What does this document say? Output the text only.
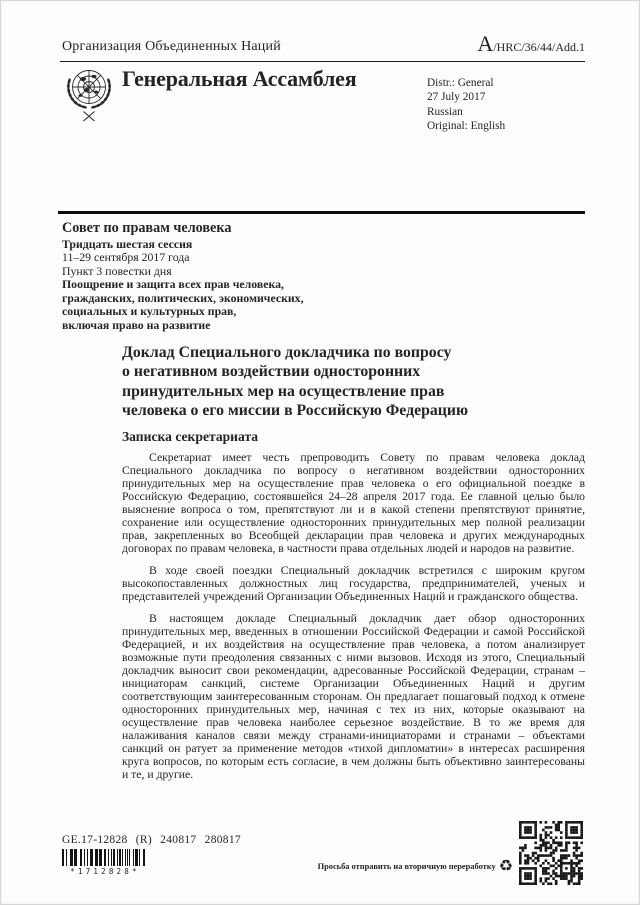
Организация Объединенных Наций	A/HRC/36/44/Add.1
Генеральная Ассамблея	Distr.: General
27 July 2017
Russian
Original: English
Совет по правам человека
Тридцать шестая сессия
11–29 сентября 2017 года
Пункт 3 повестки дня
Поощрение и защита всех прав человека,
гражданских, политических, экономических,
социальных и культурных прав,
включая право на развитие
Доклад Специального докладчика по вопросу
о негативном воздействии односторонних
принудительных мер на осуществление прав
человека о его миссии в Российскую Федерацию
Записка секретариата

Секретариат имеет честь препроводить Совету по правам человека доклад Специального докладчика по вопросу о негативном воздействии односторонних принудительных мер на осуществление прав человека о его официальной поездке в Российскую Федерацию, состоявшейся 24–28 апреля 2017 года. Ее главной целью было выяснение вопроса о том, препятствуют ли и в какой степени препятствуют принятие, сохранение или осуществление односторонних принудительных мер полной реализации прав, закрепленных во Всеобщей декларации прав человека и других международных договорах по правам человека, в частности права отдельных людей и народов на развитие.

В ходе своей поездки Специальный докладчик встретился с широким кругом высокопоставленных должностных лиц государства, предпринимателей, ученых и представителей учреждений Организации Объединенных Наций и гражданского общества.

В настоящем докладе Специальный докладчик дает обзор односторонних принудительных мер, введенных в отношении Российской Федерации и самой Российской Федерацией, и их воздействия на осуществление прав человека, а потом анализирует возможные пути преодоления связанных с ними вызовов. Исходя из этого, Специальный докладчик выносит свои рекомендации, адресованные Российской Федерации, странам – инициаторам санкций, системе Организации Объединенных Наций и другим соответствующим заинтересованным сторонам. Он предлагает пошаговый подход к отмене односторонних принудительных мер, начиная с тех из них, которые оказывают на осуществление прав человека наиболее серьезное воздействие. В то же время для налаживания каналов связи между странами-инициаторами и странами – объектами санкций он ратует за применение методов «тихой дипломатии» в интересах расширения круга вопросов, по которым есть согласие, в чем должны быть объективно заинтересованы и те, и другие.

GE.17-12828 (R) 240817 280817
*1712828*
Просьба отправить на вторичную переработку ♻
